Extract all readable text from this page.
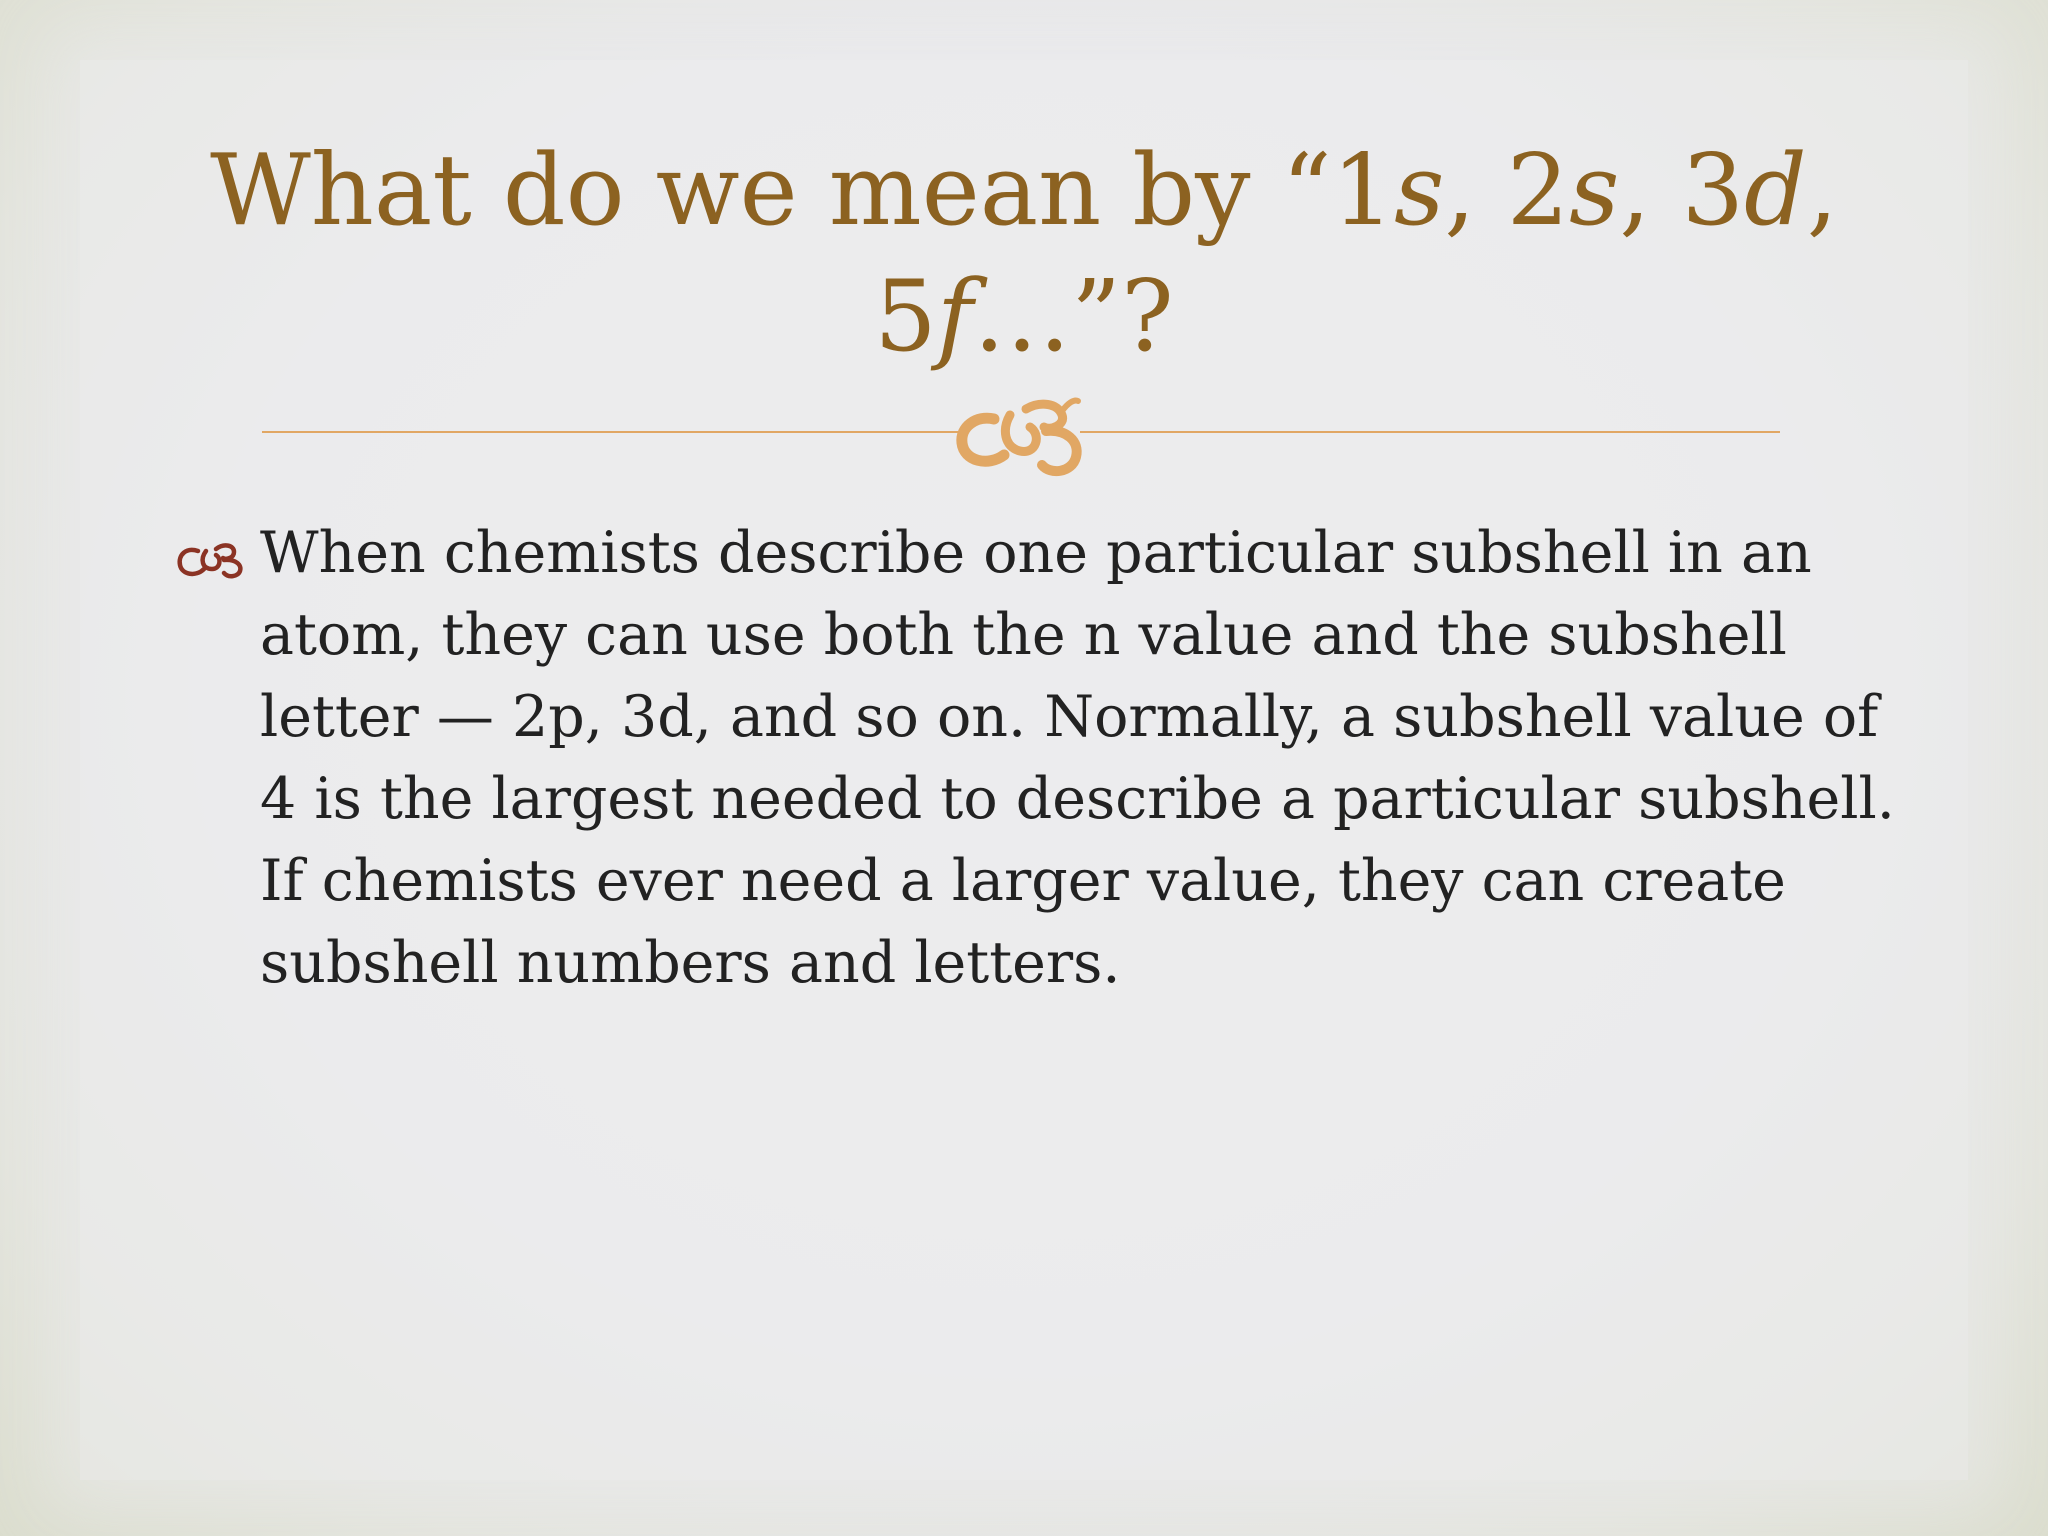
What do we mean by “1s, 2s, 3d,
5f…”?

When chemists describe one particular subshell in an atom, they can use both the n value and the subshell letter — 2p, 3d, and so on. Normally, a subshell value of 4 is the largest needed to describe a particular subshell. If chemists ever need a larger value, they can create subshell numbers and letters.
